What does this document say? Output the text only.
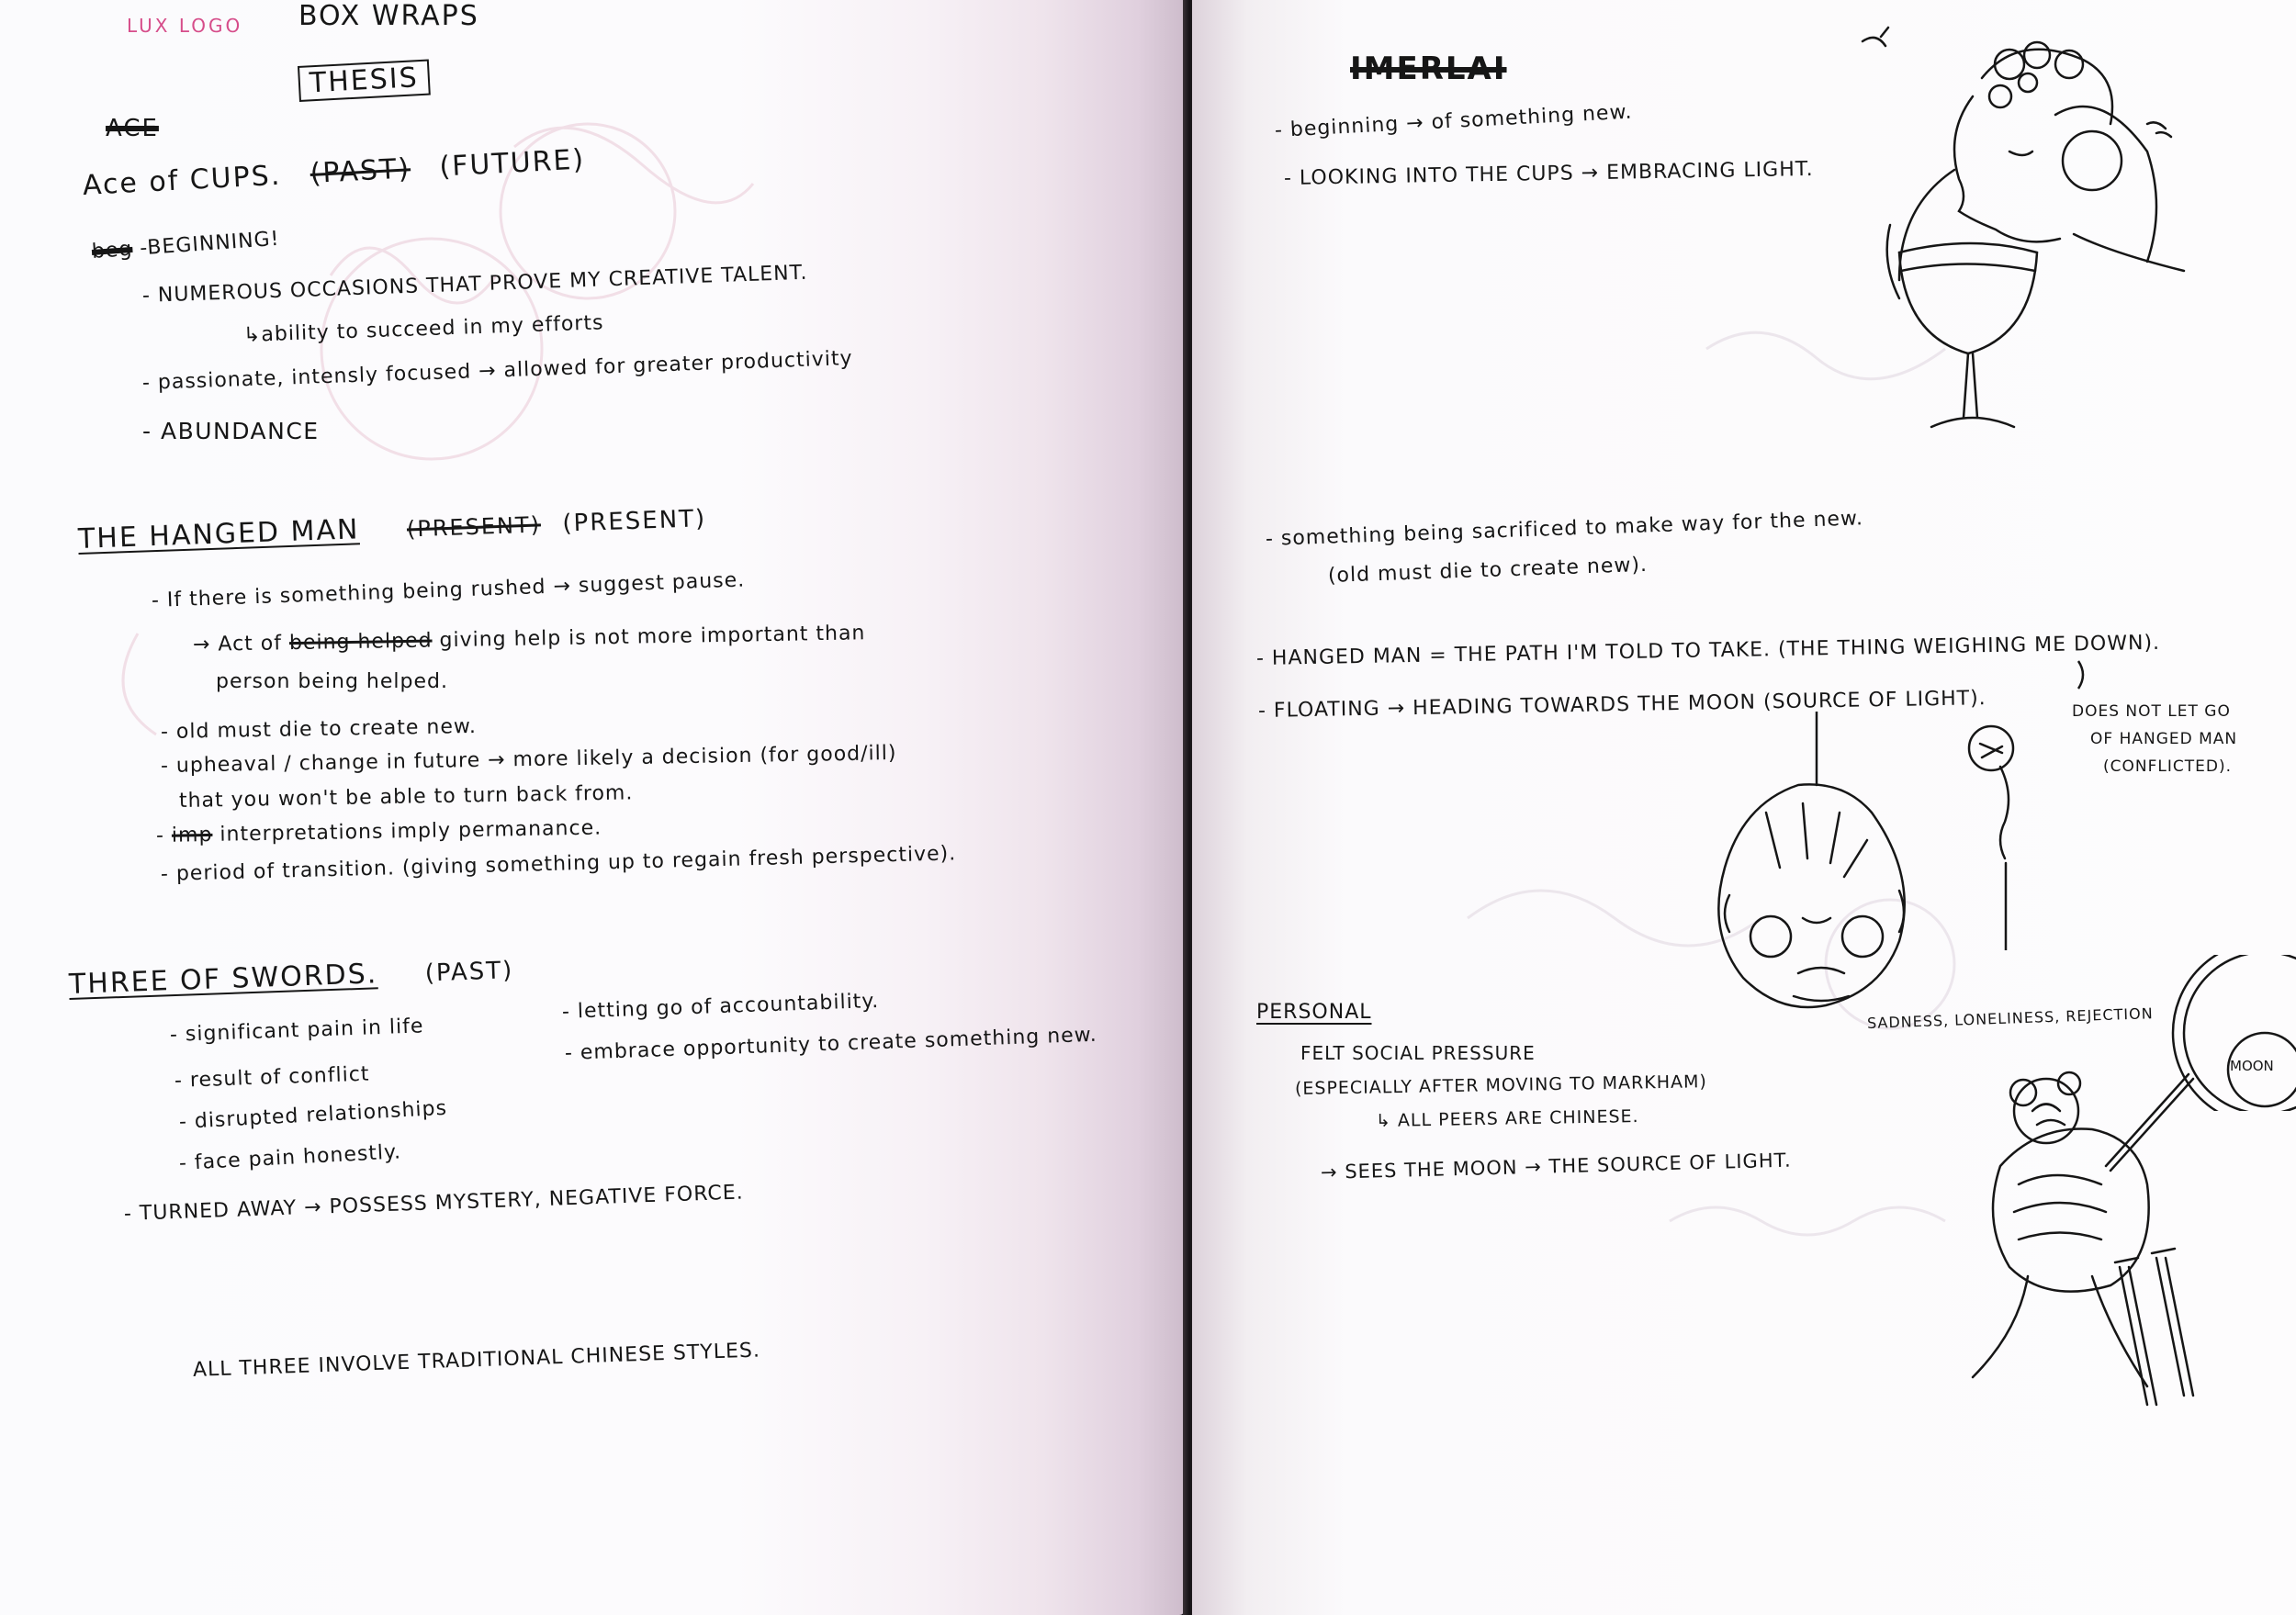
LUX LOGO BOX WRAPS
THESIS
ACE
Ace of CUPS. (PAST) (FUTURE)
beg -BEGINNING!
- NUMEROUS OCCASIONS THAT PROVE MY CREATIVE TALENT.
↳ability to succeed in my efforts
- passionate, intensly focused → allowed for greater productivity
- ABUNDANCE
THE HANGED MAN (PRESENT) (PRESENT)
- If there is something being rushed → suggest pause.
→ Act of being helped giving help is not more important than
person being helped.
- old must die to create new.
- upheaval / change in future → more likely a decision (for good/ill)
that you won't be able to turn back from.
- imp interpretations imply permanance.
- period of transition. (giving something up to regain fresh perspective).
THREE OF SWORDS. (PAST)
- significant pain in life
- result of conflict
- disrupted relationships
- face pain honestly.
- letting go of accountability.
- embrace opportunity to create something new.
- TURNED AWAY → POSSESS MYSTERY, NEGATIVE FORCE.
ALL THREE INVOLVE TRADITIONAL CHINESE STYLES.
IMERLAI
- beginning → of something new.
- LOOKING INTO THE CUPS → EMBRACING LIGHT.
- something being sacrificed to make way for the new.
(old must die to create new).
- HANGED MAN = THE PATH I'M TOLD TO TAKE. (THE THING WEIGHING ME DOWN).
- FLOATING → HEADING TOWARDS THE MOON (SOURCE OF LIGHT).	DOES NOT LET GO
OF HANGED MAN
(CONFLICTED).
PERSONAL
FELT SOCIAL PRESSURE
(ESPECIALLY AFTER MOVING TO MARKHAM)
↳ ALL PEERS ARE CHINESE.
→ SEES THE MOON → THE SOURCE OF LIGHT.
SADNESS, LONELINESS, REJECTION
MOON
